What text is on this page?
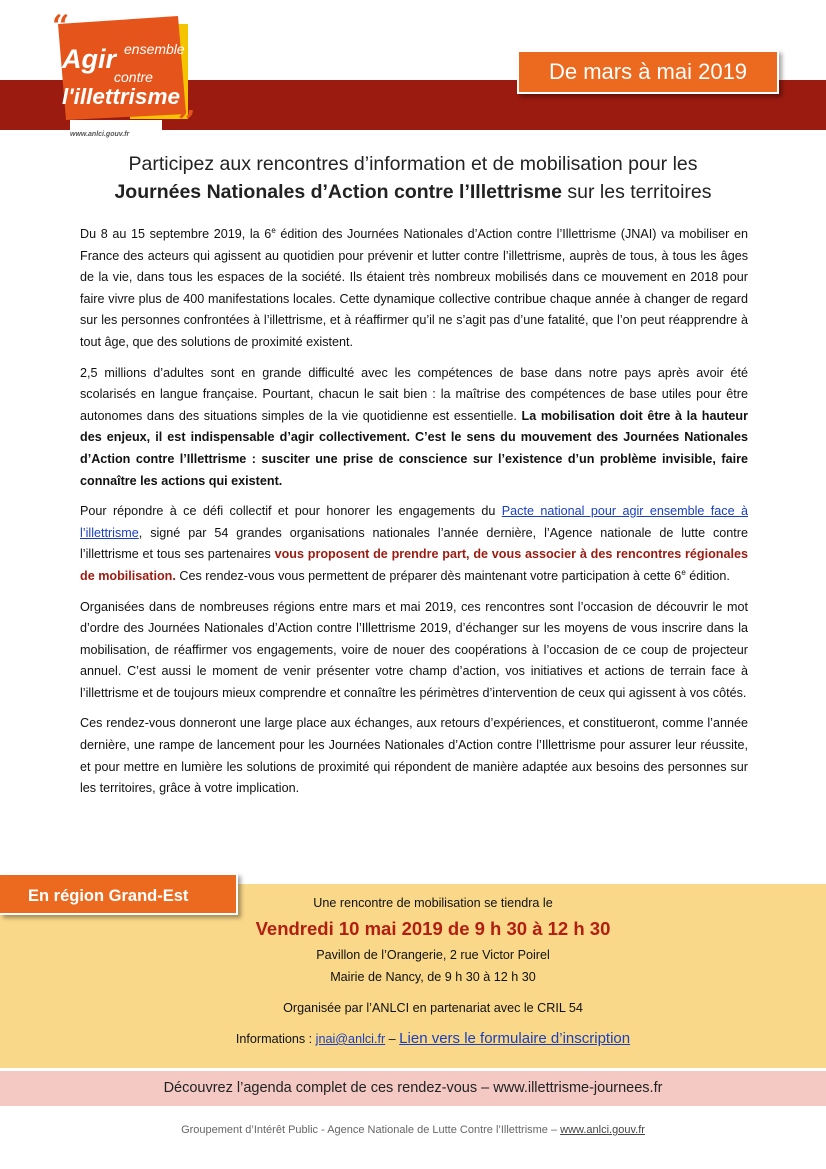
“
Agir ensemble
contre
l'illettrisme
”
www.anlci.gouv.fr
De mars à mai 2019
Participez aux rencontres d’information et de mobilisation pour les
Journées Nationales d’Action contre l’Illettrisme sur les territoires

Du 8 au 15 septembre 2019, la 6e édition des Journées Nationales d’Action contre l’Illettrisme (JNAI) va mobiliser en France des acteurs qui agissent au quotidien pour prévenir et lutter contre l’illettrisme, auprès de tous, à tous les âges de la vie, dans tous les espaces de la société. Ils étaient très nombreux mobilisés dans ce mouvement en 2018 pour faire vivre plus de 400 manifestations locales. Cette dynamique collective contribue chaque année à changer de regard sur les personnes confrontées à l’illettrisme, et à réaffirmer qu’il ne s’agit pas d’une fatalité, que l’on peut réapprendre à tout âge, que des solutions de proximité existent.

2,5 millions d’adultes sont en grande difficulté avec les compétences de base dans notre pays après avoir été scolarisés en langue française. Pourtant, chacun le sait bien : la maîtrise des compétences de base utiles pour être autonomes dans des situations simples de la vie quotidienne est essentielle. La mobilisation doit être à la hauteur des enjeux, il est indispensable d’agir collectivement. C’est le sens du mouvement des Journées Nationales d’Action contre l’Illettrisme : susciter une prise de conscience sur l’existence d’un problème invisible, faire connaître les actions qui existent.

Pour répondre à ce défi collectif et pour honorer les engagements du Pacte national pour agir ensemble face à l’illettrisme, signé par 54 grandes organisations nationales l’année dernière, l’Agence nationale de lutte contre l’illettrisme et tous ses partenaires vous proposent de prendre part, de vous associer à des rencontres régionales de mobilisation. Ces rendez-vous vous permettent de préparer dès maintenant votre participation à cette 6e édition.

Organisées dans de nombreuses régions entre mars et mai 2019, ces rencontres sont l’occasion de découvrir le mot d’ordre des Journées Nationales d’Action contre l’Illettrisme 2019, d’échanger sur les moyens de vous inscrire dans la mobilisation, de réaffirmer vos engagements, voire de nouer des coopérations à l’occasion de ce coup de projecteur annuel. C’est aussi le moment de venir présenter votre champ d’action, vos initiatives et actions de terrain face à l’illettrisme et de toujours mieux comprendre et connaître les périmètres d’intervention de ceux qui agissent à vos côtés.

Ces rendez-vous donneront une large place aux échanges, aux retours d’expériences, et constitueront, comme l’année dernière, une rampe de lancement pour les Journées Nationales d’Action contre l’Illettrisme pour assurer leur réussite, et pour mettre en lumière les solutions de proximité qui répondent de manière adaptée aux besoins des personnes sur les territoires, grâce à votre implication.

En région Grand-Est	Une rencontre de mobilisation se tiendra le
Vendredi 10 mai 2019 de 9 h 30 à 12 h 30
Pavillon de l’Orangerie, 2 rue Victor Poirel
Mairie de Nancy, de 9 h 30 à 12 h 30
Organisée par l’ANLCI en partenariat avec le CRIL 54
Informations : jnai@anlci.fr – Lien vers le formulaire d’inscription
Découvrez l’agenda complet de ces rendez-vous – www.illettrisme-journees.fr
Groupement d’Intérêt Public - Agence Nationale de Lutte Contre l’Illettrisme – www.anlci.gouv.fr
